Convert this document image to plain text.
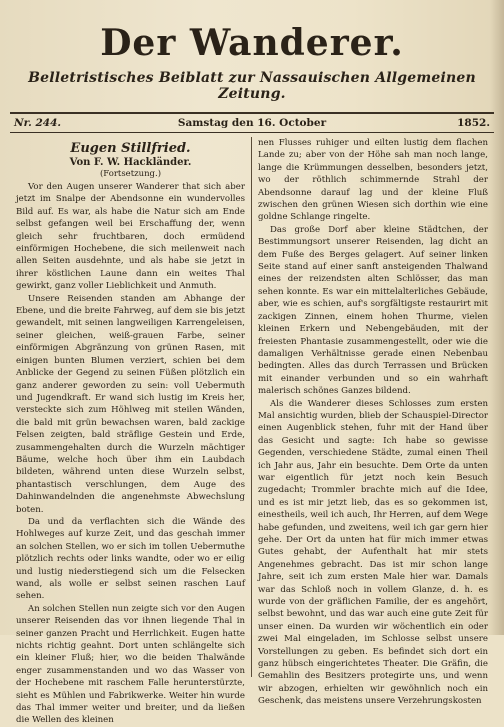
Der Wanderer.
Belletristisches Beiblatt zur Nassauischen Allgemeinen Zeitung.
Nr. 244.	Samstag den 16. October	1852.
Eugen Stillfried.
Von F. W. Hackländer.
(Fortsetzung.)

Vor den Augen unserer Wanderer that sich aber jetzt im Snalpe der Abendsonne ein wundervolles Bild auf. Es war, als habe die Natur sich am Ende selbst gefangen weil bei Erschaffung der, wenn gleich sehr fruchtbaren, doch ermüdend einförmigen Hochebene, die sich meilenweit nach allen Seiten ausdehnte, und als habe sie jetzt in ihrer köstlichen Laune dann ein weites Thal gewirkt, ganz voller Lieblichkeit und Anmuth.

Unsere Reisenden standen am Abhange der Ebene, und die breite Fahrweg, auf dem sie bis jetzt gewandelt, mit seinen langweiligen Karrengeleisen, seiner gleichen, weiß-grauen Farbe, seiner einförmigen Abgränzung von grünen Rasen, mit einigen bunten Blumen verziert, schien bei dem Anblicke der Gegend zu seinen Füßen plötzlich ein ganz anderer geworden zu sein: voll Uebermuth und Jugendkraft. Er wand sich lustig im Kreis her, versteckte sich zum Höhlweg mit steilen Wänden, die bald mit grün bewachsen waren, bald zackige Felsen zeigten, bald sträflige Gestein und Erde, zusammengehalten durch die Wurzeln mächtiger Bäume, welche hoch über ihm ein Laubdach bildeten, während unten diese Wurzeln selbst, phantastisch verschlungen, dem Auge des Dahinwandelnden die angenehmste Abwechslung boten.

Da und da verflachten sich die Wände des Hohlweges auf kurze Zeit, und das geschah immer an solchen Stellen, wo er sich im tollen Uebermuthe plötzlich rechts oder links wandte, oder wo er eilig und lustig niederstiegend sich um die Felsecken wand, als wolle er selbst seinen raschen Lauf sehen.

An solchen Stellen nun zeigte sich vor den Augen unserer Reisenden das vor ihnen liegende Thal in seiner ganzen Pracht und Herrlichkeit. Eugen hatte nichts richtig geahnt. Dort unten schlängelte sich ein kleiner Fluß; hier, wo die beiden Thalwände enger zusammenstanden und wo das Wasser von der Hochebene mit raschem Falle herunterstürzte, sieht es Mühlen und Fabrikwerke. Weiter hin wurde das Thal immer weiter und breiter, und da ließen die Wellen des kleinen

nen Flusses ruhiger und eilten lustig dem flachen Lande zu; aber von der Höhe sah man noch lange, lange die Krümmungen desselben, besonders jetzt, wo der röthlich schimmernde Strahl der Abendsonne darauf lag und der kleine Fluß zwischen den grünen Wiesen sich dorthin wie eine goldne Schlange ringelte.

Das große Dorf aber kleine Städtchen, der Bestimmungsort unserer Reisenden, lag dicht an dem Fuße des Berges gelagert. Auf seiner linken Seite stand auf einer sanft ansteigenden Thalwand eines der reizendsten alten Schlösser, das man sehen konnte. Es war ein mittelalterliches Gebäude, aber, wie es schien, auf's sorgfältigste restaurirt mit zackigen Zinnen, einem hohen Thurme, vielen kleinen Erkern und Nebengebäuden, mit der freiesten Phantasie zusammengestellt, oder wie die damaligen Verhältnisse gerade einen Nebenbau bedingten. Alles das durch Terrassen und Brücken mit einander verbunden und so ein wahrhaft malerisch schönes Ganzes bildend.

Als die Wanderer dieses Schlosses zum ersten Mal ansichtig wurden, blieb der Schauspiel-Director einen Augenblick stehen, fuhr mit der Hand über das Gesicht und sagte: Ich habe so gewisse Gegenden, verschiedene Städte, zumal einen Theil ich Jahr aus, Jahr ein besuchte. Dem Orte da unten war eigentlich für jetzt noch kein Besuch zugedacht; Trommler brachte mich auf die Idee, und es ist mir jetzt lieb, das es so gekommen ist, einestheils, weil ich auch, Ihr Herren, auf dem Wege habe gefunden, und zweitens, weil ich gar gern hier gehe. Der Ort da unten hat für mich immer etwas Gutes gehabt, der Aufenthalt hat mir stets Angenehmes gebracht. Das ist mir schon lange Jahre, seit ich zum ersten Male hier war. Damals war das Schloß noch in vollem Glanze, d. h. es wurde von der gräflichen Familie, der es angehört, selbst bewohnt, und das war auch eine gute Zeit für unser einen. Da wurden wir wöchentlich ein oder zwei Mal eingeladen, im Schlosse selbst unsere Vorstellungen zu geben. Es befindet sich dort ein ganz hübsch eingerichtetes Theater. Die Gräfin, die Gemahlin des Besitzers protegirte uns, und wenn wir abzogen, erhielten wir gewöhnlich noch ein Geschenk, das meistens unsere Verzehrungskosten
